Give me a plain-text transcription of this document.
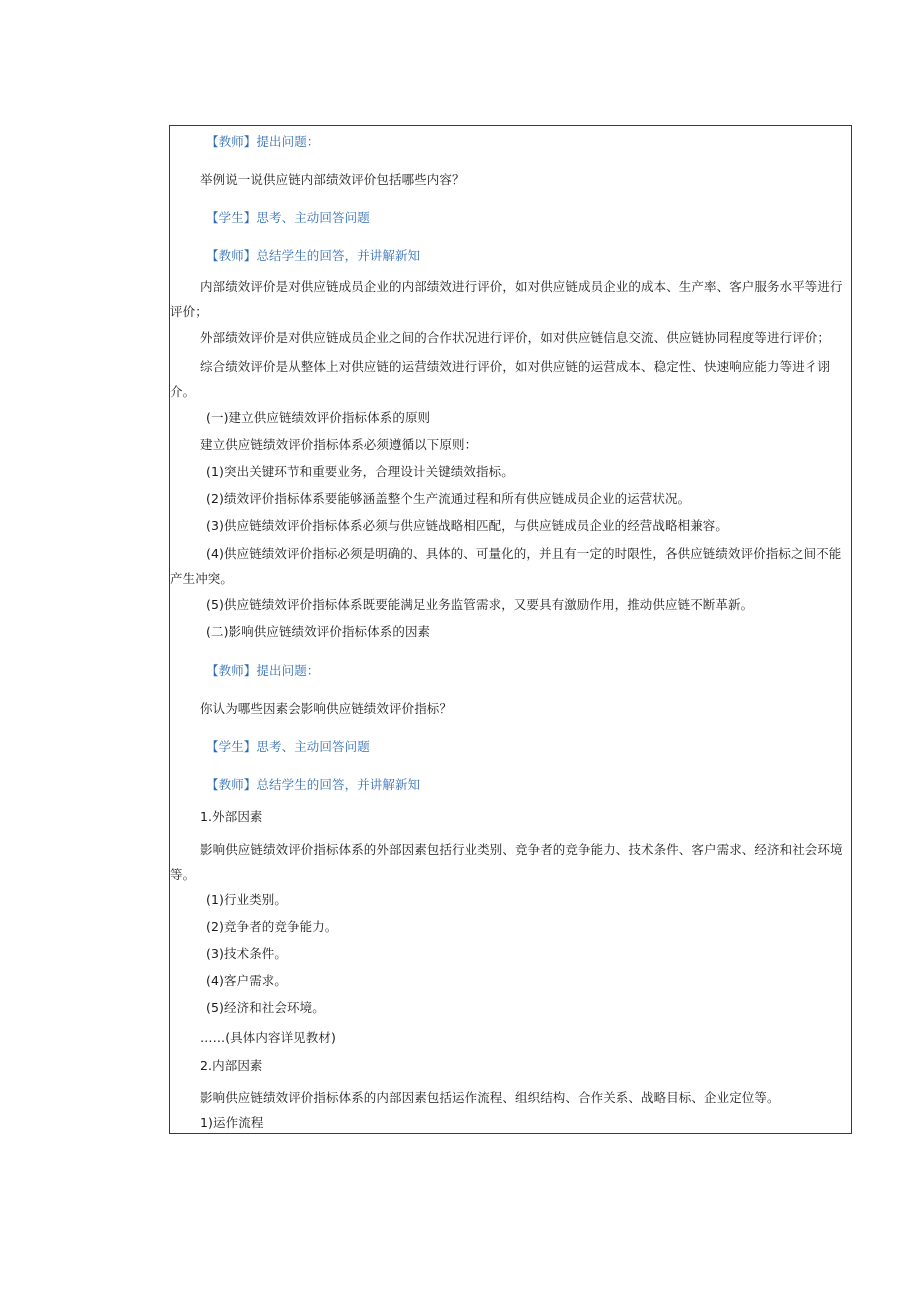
【教师】提出问题：
举例说一说供应链内部绩效评价包括哪些内容？
【学生】思考、主动回答问题
【教师】总结学生的回答，并讲解新知
内部绩效评价是对供应链成员企业的内部绩效进行评价，如对供应链成员企业的成本、生产率、客户服务水平等进行评价；
外部绩效评价是对供应链成员企业之间的合作状况进行评价，如对供应链信息交流、供应链协同程度等进行评价；
综合绩效评价是从整体上对供应链的运营绩效进行评价，如对供应链的运营成本、稳定性、快速响应能力等进彳诩介。
(一)建立供应链绩效评价指标体系的原则
建立供应链绩效评价指标体系必须遵循以下原则：
(1)突出关键环节和重要业务，合理设计关键绩效指标。
(2)绩效评价指标体系要能够涵盖整个生产流通过程和所有供应链成员企业的运营状况。
(3)供应链绩效评价指标体系必须与供应链战略相匹配，与供应链成员企业的经营战略相兼容。
(4)供应链绩效评价指标必须是明确的、具体的、可量化的，并且有一定的时限性，各供应链绩效评价指标之间不能产生冲突。
(5)供应链绩效评价指标体系既要能满足业务监管需求，又要具有激励作用，推动供应链不断革新。
(二)影响供应链绩效评价指标体系的因素
【教师】提出问题：
你认为哪些因素会影响供应链绩效评价指标？
【学生】思考、主动回答问题
【教师】总结学生的回答，并讲解新知
1.外部因素
影响供应链绩效评价指标体系的外部因素包括行业类别、竞争者的竞争能力、技术条件、客户需求、经济和社会环境等。
(1)行业类别。
(2)竞争者的竞争能力。
(3)技术条件。
(4)客户需求。
(5)经济和社会环境。
……(具体内容详见教材)
2.内部因素
影响供应链绩效评价指标体系的内部因素包括运作流程、组织结构、合作关系、战略目标、企业定位等。
1)运作流程
